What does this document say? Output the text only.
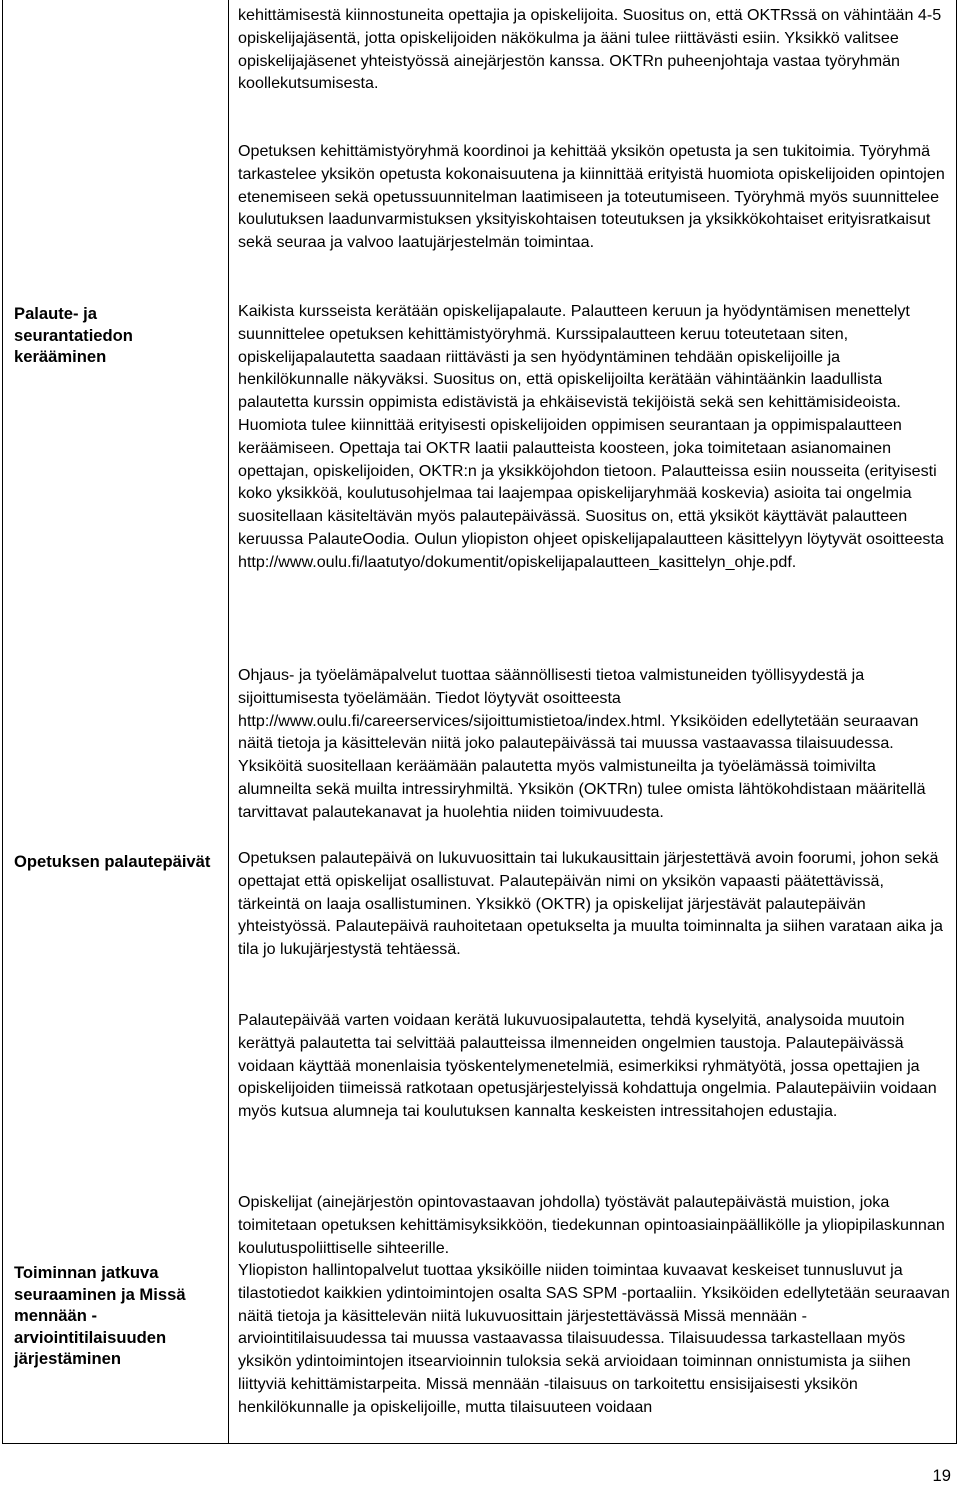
kehittämisestä kiinnostuneita opettajia ja opiskelijoita. Suositus on, että OKTRssä on vähintään 4-5 opiskelijajäsentä, jotta opiskelijoiden näkökulma ja ääni tulee riittävästi esiin. Yksikkö valitsee opiskelijajäsenet yhteistyössä ainejärjestön kanssa. OKTRn puheenjohtaja vastaa työryhmän koollekutsumisesta.

Opetuksen kehittämistyöryhmä koordinoi ja kehittää yksikön opetusta ja sen tukitoimia. Työryhmä tarkastelee yksikön opetusta kokonaisuutena ja kiinnittää erityistä huomiota opiskelijoiden opintojen etenemiseen sekä opetussuunnitelman laatimiseen ja toteutumiseen. Työryhmä myös suunnittelee koulutuksen laadunvarmistuksen yksityiskohtaisen toteutuksen ja yksikkökohtaiset erityisratkaisut sekä seuraa ja valvoo laatujärjestelmän toimintaa.

Palaute- ja seurantatiedon kerääminen

Kaikista kursseista kerätään opiskelijapalaute. Palautteen keruun ja hyödyntämisen menettelyt suunnittelee opetuksen kehittämistyöryhmä. Kurssipalautteen keruu toteutetaan siten, opiskelijapalautetta saadaan riittävästi ja sen hyödyntäminen tehdään opiskelijoille ja henkilökunnalle näkyväksi. Suositus on, että opiskelijoilta kerätään vähintäänkin laadullista palautetta kurssin oppimista edistävistä ja ehkäisevistä tekijöistä sekä sen kehittämisideoista. Huomiota tulee kiinnittää erityisesti opiskelijoiden oppimisen seurantaan ja oppimispalautteen keräämiseen. Opettaja tai OKTR laatii palautteista koosteen, joka toimitetaan asianomainen opettajan, opiskelijoiden, OKTR:n ja yksikköjohdon tietoon. Palautteissa esiin nousseita (erityisesti koko yksikköä, koulutusohjelmaa tai laajempaa opiskelijaryhmää koskevia) asioita tai ongelmia suositellaan käsiteltävän myös palautepäivässä. Suositus on, että yksiköt käyttävät palautteen keruussa PalauteOodia. Oulun yliopiston ohjeet opiskelijapalautteen käsittelyyn löytyvät osoitteesta http://www.oulu.fi/laatutyo/dokumentit/opiskelijapalautteen_kasittelyn_ohje.pdf.

Ohjaus- ja työelämäpalvelut tuottaa säännöllisesti tietoa valmistuneiden työllisyydestä ja sijoittumisesta työelämään. Tiedot löytyvät osoitteesta http://www.oulu.fi/careerservices/sijoittumistietoa/index.html. Yksiköiden edellytetään seuraavan näitä tietoja ja käsittelevän niitä joko palautepäivässä tai muussa vastaavassa tilaisuudessa. Yksiköitä suositellaan keräämään palautetta myös valmistuneilta ja työelämässä toimivilta alumneilta sekä muilta intressiryhmiltä. Yksikön (OKTRn) tulee omista lähtökohdistaan määritellä tarvittavat palautekanavat ja huolehtia niiden toimivuudesta.

Opetuksen palautepäivät	Opetuksen palautepäivä on lukuvuosittain tai lukukausittain järjestettävä avoin foorumi, johon sekä opettajat että opiskelijat osallistuvat. Palautepäivän nimi on yksikön vapaasti päätettävissä, tärkeintä on laaja osallistuminen. Yksikkö (OKTR) ja opiskelijat järjestävät palautepäivän yhteistyössä. Palautepäivä rauhoitetaan opetukselta ja muulta toiminnalta ja siihen varataan aika ja tila jo lukujärjestystä tehtäessä.

Palautepäivää varten voidaan kerätä lukuvuosipalautetta, tehdä kyselyitä, analysoida muutoin kerättyä palautetta tai selvittää palautteissa ilmenneiden ongelmien taustoja. Palautepäivässä voidaan käyttää monenlaisia työskentelymenetelmiä, esimerkiksi ryhmätyötä, jossa opettajien ja opiskelijoiden tiimeissä ratkotaan opetusjärjestelyissä kohdattuja ongelmia. Palautepäiviin voidaan myös kutsua alumneja tai koulutuksen kannalta keskeisten intressitahojen edustajia.

Opiskelijat (ainejärjestön opintovastaavan johdolla) työstävät palautepäivästä muistion, joka toimitetaan opetuksen kehittämisyksikköön, tiedekunnan opintoasiainpäällikölle ja yliopipilaskunnan koulutuspoliittiselle sihteerille.

Toiminnan jatkuva seuraaminen ja Missä mennään -arviointitilaisuuden järjestäminen

Yliopiston hallintopalvelut tuottaa yksiköille niiden toimintaa kuvaavat keskeiset tunnusluvut ja tilastotiedot kaikkien ydintoimintojen osalta SAS SPM -portaaliin. Yksiköiden edellytetään seuraavan näitä tietoja ja käsittelevän niitä lukuvuosittain järjestettävässä Missä mennään -arviointitilaisuudessa tai muussa vastaavassa tilaisuudessa. Tilaisuudessa tarkastellaan myös yksikön ydintoimintojen itsearvioinnin tuloksia sekä arvioidaan toiminnan onnistumista ja siihen liittyviä kehittämistarpeita. Missä mennään -tilaisuus on tarkoitettu ensisijaisesti yksikön henkilökunnalle ja opiskelijoille, mutta tilaisuuteen voidaan

19
